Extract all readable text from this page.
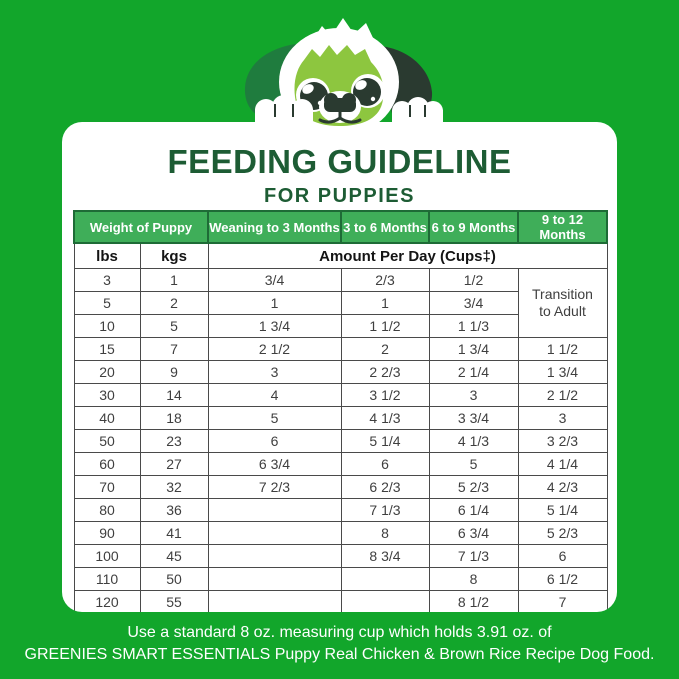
FEEDING GUIDELINE
FOR PUPPIES
Weight of Puppy		Weaning to 3 Months	3 to 6 Months	6 to 9 Months	9 to 12 Months
lbs	kgs	Amount Per Day (Cups‡)			
3	1	3/4	2/3	1/2	Transition to Adult
5	2	1	1	3/4	
10	5	1 3/4	1 1/2	1 1/3	
15	7	2 1/2	2	1 3/4	1 1/2
20	9	3	2 2/3	2 1/4	1 3/4
30	14	4	3 1/2	3	2 1/2
40	18	5	4 1/3	3 3/4	3
50	23	6	5 1/4	4 1/3	3 2/3
60	27	6 3/4	6	5	4 1/4
70	32	7 2/3	6 2/3	5 2/3	4 2/3
80	36		7 1/3	6 1/4	5 1/4
90	41		8	6 3/4	5 2/3
100	45		8 3/4	7 1/3	6
110	50			8	6 1/2
120	55			8 1/2	7
Use a standard 8 oz. measuring cup which holds 3.91 oz. of
GREENIES SMART ESSENTIALS Puppy Real Chicken & Brown Rice Recipe Dog Food.
